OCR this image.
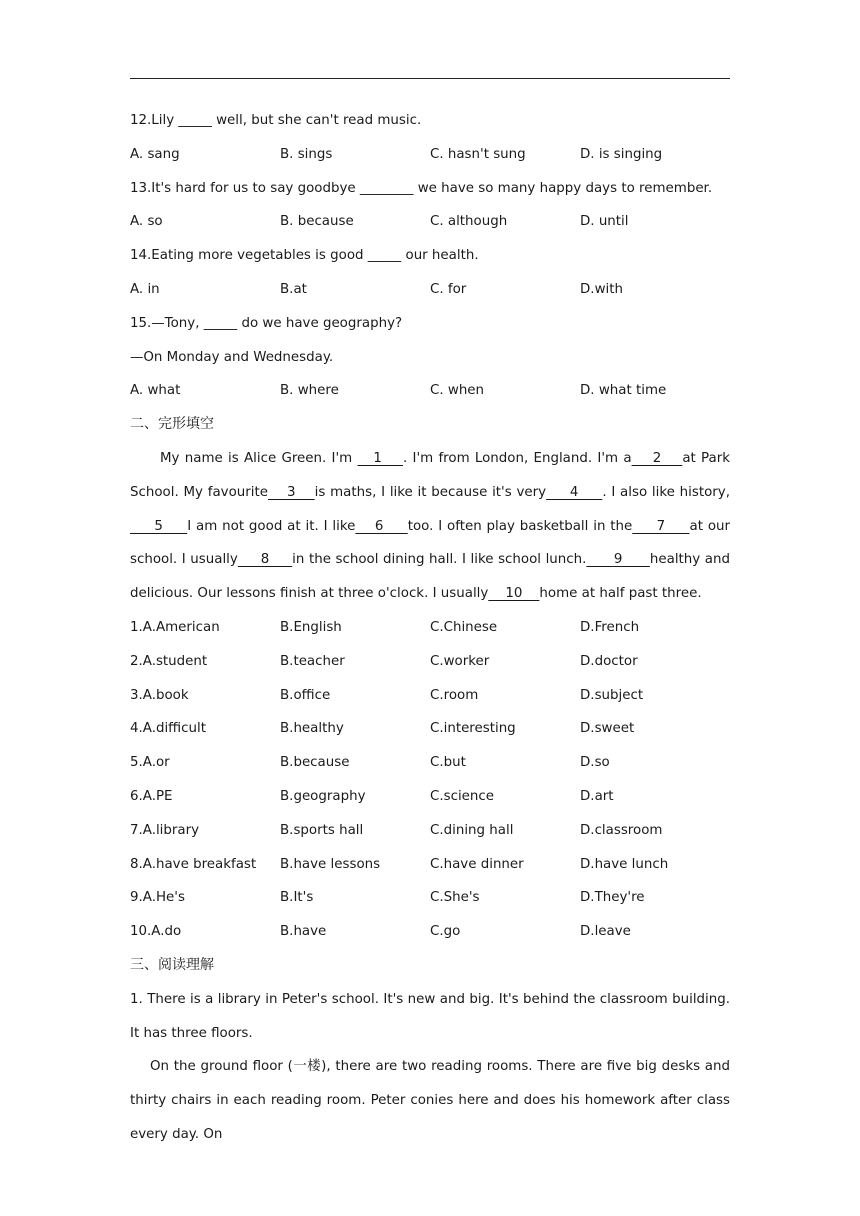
12.Lily _____ well, but she can't read music.
A. sang	B. sings	C. hasn't sung	D. is singing
13.It's hard for us to say goodbye ________ we have so many happy days to remember.
A. so	B. because	C. although	D. until
14.Eating more vegetables is good _____ our health.
A. in	B.at	C. for	D.with
15.—Tony, _____ do we have geography?
—On Monday and Wednesday.
A. what	B. where	C. when	D. what time
二、完形填空
My name is Alice Green. I'm    1    . I'm from London, England. I'm a    2    at Park School. My favourite    3    is maths, I like it because it's very     4     . I also like history,     5     I am not good at it. I like    6     too. I often play basketball in the     7     at our school. I usually     8     in the school dining hall. I like school lunch.      9      healthy and delicious. Our lessons finish at three o'clock. I usually    10    home at half past three.
1.A.American	B.English	C.Chinese	D.French
2.A.student	B.teacher	C.worker	D.doctor
3.A.book	B.office	C.room	D.subject
4.A.difficult	B.healthy	C.interesting	D.sweet
5.A.or	B.because	C.but	D.so
6.A.PE	B.geography	C.science	D.art
7.A.library	B.sports hall	C.dining hall	D.classroom
8.A.have breakfast	B.have lessons	C.have dinner	D.have lunch
9.A.He's	B.It's	C.She's	D.They're
10.A.do	B.have	C.go	D.leave
三、阅读理解
1. There is a library in Peter's school. It's new and big. It's behind the classroom building. It has three floors.
On the ground floor (一楼), there are two reading rooms. There are five big desks and thirty chairs in each reading room. Peter conies here and does his homework after class every day. On
